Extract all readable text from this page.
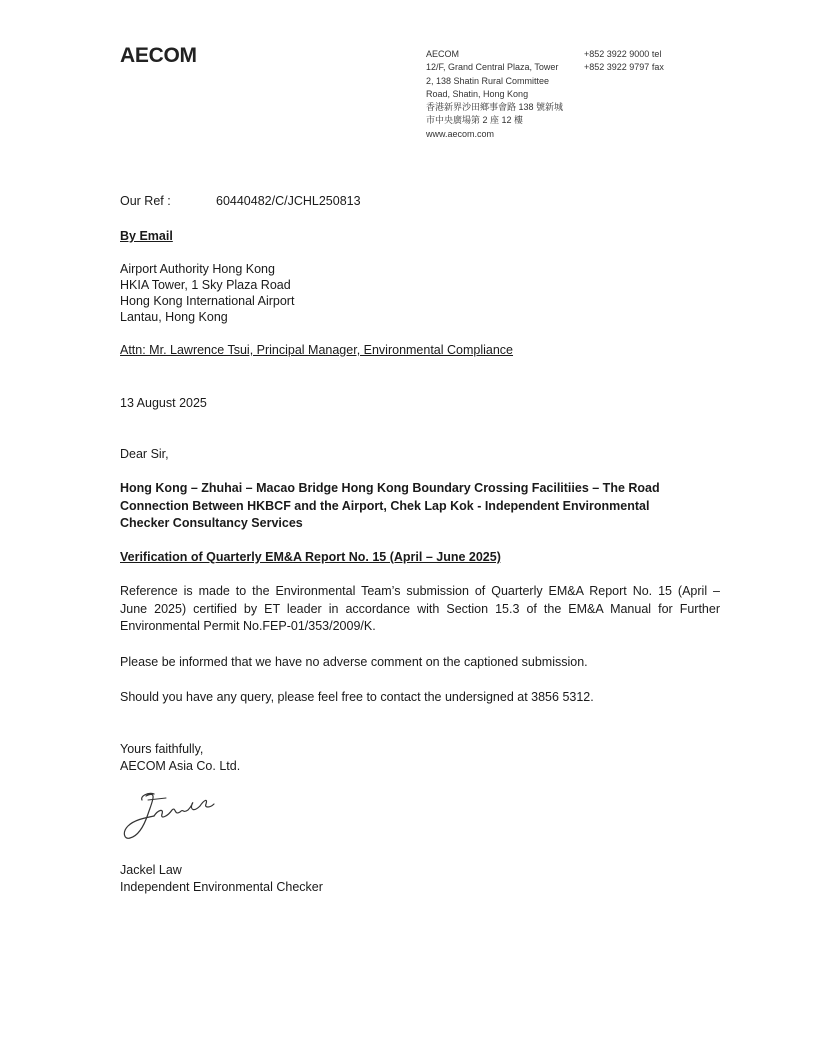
AECOM	AECOM
12/F, Grand Central Plaza, Tower
2, 138 Shatin Rural Committee
Road, Shatin, Hong Kong
香港新界沙田鄉事會路 138 號新城
市中央廣場第 2 座 12 樓
www.aecom.com
+852 3922 9000 tel
+852 3922 9797 fax
Our Ref :	60440482/C/JCHL250813
By Email
Airport Authority Hong Kong
HKIA Tower, 1 Sky Plaza Road
Hong Kong International Airport
Lantau, Hong Kong
Attn: Mr. Lawrence Tsui, Principal Manager, Environmental Compliance
13 August 2025
Dear Sir,
Hong Kong – Zhuhai – Macao Bridge Hong Kong Boundary Crossing Facilitiies – The Road
Connection Between HKBCF and the Airport, Chek Lap Kok - Independent Environmental
Checker Consultancy Services
Verification of Quarterly EM&A Report No. 15 (April – June 2025)
Reference is made to the Environmental Team’s submission of Quarterly EM&A Report No. 15 (April –
June 2025) certified by ET leader in accordance with Section 15.3 of the EM&A Manual for Further
Environmental Permit No.FEP-01/353/2009/K.
Please be informed that we have no adverse comment on the captioned submission.
Should you have any query, please feel free to contact the undersigned at 3856 5312.
Yours faithfully,
AECOM Asia Co. Ltd.
Jackel Law
Independent Environmental Checker
